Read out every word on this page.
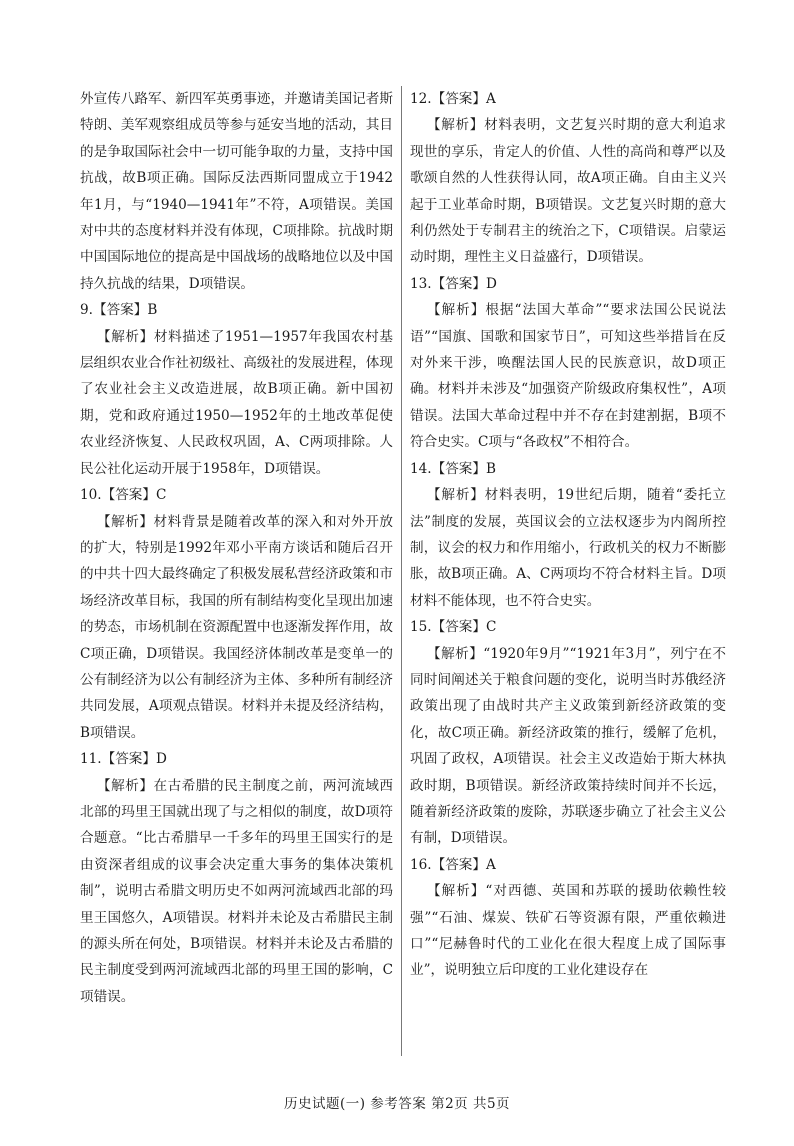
外宣传八路军、新四军英勇事迹，并邀请美国记者斯特朗、美军观察组成员等参与延安当地的活动，其目的是争取国际社会中一切可能争取的力量，支持中国抗战，故B项正确。国际反法西斯同盟成立于1942年1月，与“1940—1941年”不符，A项错误。美国对中共的态度材料并没有体现，C项排除。抗战时期中国国际地位的提高是中国战场的战略地位以及中国持久抗战的结果，D项错误。

9.【答案】B

【解析】材料描述了1951—1957年我国农村基层组织农业合作社初级社、高级社的发展进程，体现了农业社会主义改造进展，故B项正确。新中国初期，党和政府通过1950—1952年的土地改革促使农业经济恢复、人民政权巩固，A、C两项排除。人民公社化运动开展于1958年，D项错误。

10.【答案】C

【解析】材料背景是随着改革的深入和对外开放的扩大，特别是1992年邓小平南方谈话和随后召开的中共十四大最终确定了积极发展私营经济政策和市场经济改革目标，我国的所有制结构变化呈现出加速的势态，市场机制在资源配置中也逐渐发挥作用，故C项正确，D项错误。我国经济体制改革是变单一的公有制经济为以公有制经济为主体、多种所有制经济共同发展，A项观点错误。材料并未提及经济结构，B项错误。

11.【答案】D

【解析】在古希腊的民主制度之前，两河流域西北部的玛里王国就出现了与之相似的制度，故D项符合题意。“比古希腊早一千多年的玛里王国实行的是由资深者组成的议事会决定重大事务的集体决策机制”，说明古希腊文明历史不如两河流域西北部的玛里王国悠久，A项错误。材料并未论及古希腊民主制的源头所在何处，B项错误。材料并未论及古希腊的民主制度受到两河流域西北部的玛里王国的影响，C项错误。

12.【答案】A

【解析】材料表明，文艺复兴时期的意大利追求现世的享乐，肯定人的价值、人性的高尚和尊严以及歌颂自然的人性获得认同，故A项正确。自由主义兴起于工业革命时期，B项错误。文艺复兴时期的意大利仍然处于专制君主的统治之下，C项错误。启蒙运动时期，理性主义日益盛行，D项错误。

13.【答案】D

【解析】根据“法国大革命”“要求法国公民说法语”“国旗、国歌和国家节日”，可知这些举措旨在反对外来干涉，唤醒法国人民的民族意识，故D项正确。材料并未涉及“加强资产阶级政府集权性”，A项错误。法国大革命过程中并不存在封建割据，B项不符合史实。C项与“各政权”不相符合。

14.【答案】B

【解析】材料表明，19世纪后期，随着“委托立法”制度的发展，英国议会的立法权逐步为内阁所控制，议会的权力和作用缩小，行政机关的权力不断膨胀，故B项正确。A、C两项均不符合材料主旨。D项材料不能体现，也不符合史实。

15.【答案】C

【解析】“1920年9月”“1921年3月”，列宁在不同时间阐述关于粮食问题的变化，说明当时苏俄经济政策出现了由战时共产主义政策到新经济政策的变化，故C项正确。新经济政策的推行，缓解了危机，巩固了政权，A项错误。社会主义改造始于斯大林执政时期，B项错误。新经济政策持续时间并不长远，随着新经济政策的废除，苏联逐步确立了社会主义公有制，D项错误。

16.【答案】A

【解析】“对西德、英国和苏联的援助依赖性较强”“石油、煤炭、铁矿石等资源有限，严重依赖进口”“尼赫鲁时代的工业化在很大程度上成了国际事业”，说明独立后印度的工业化建设存在

历史试题(一) 参考答案 第2页 共5页
